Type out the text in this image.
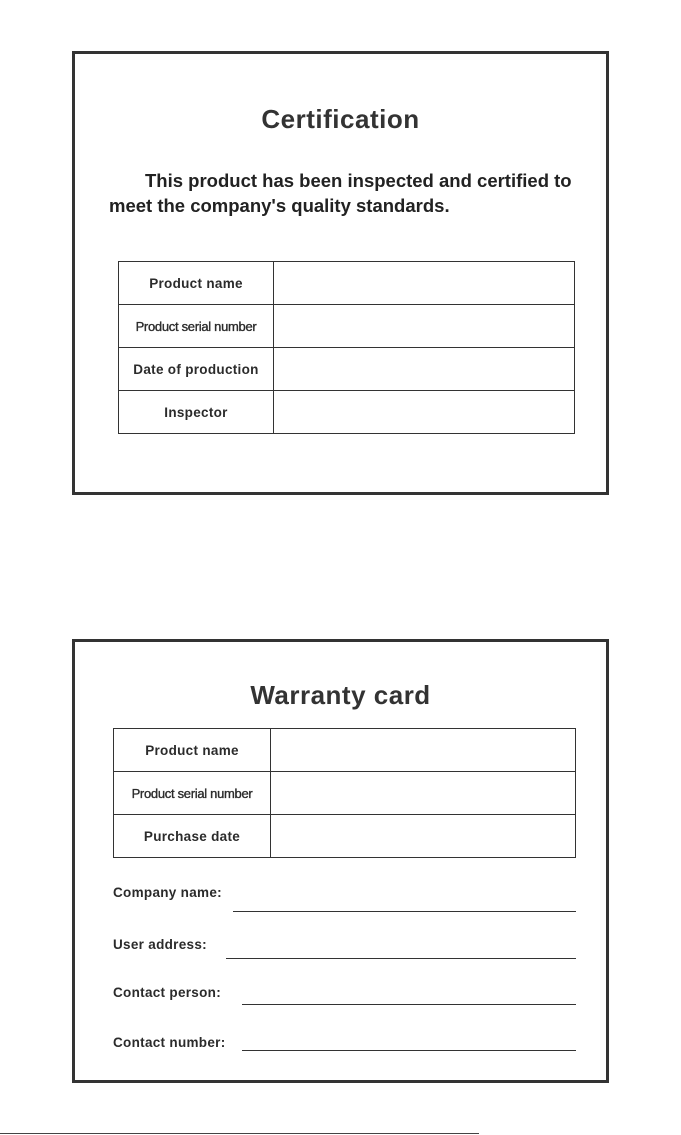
Certification
This product has been inspected and certified to meet the company's quality standards.
Product name	
Product serial number	
Date of production	
Inspector	
Warranty card
Product name	
Product serial number	
Purchase date	
Company name:
User address:
Contact person:
Contact number:
